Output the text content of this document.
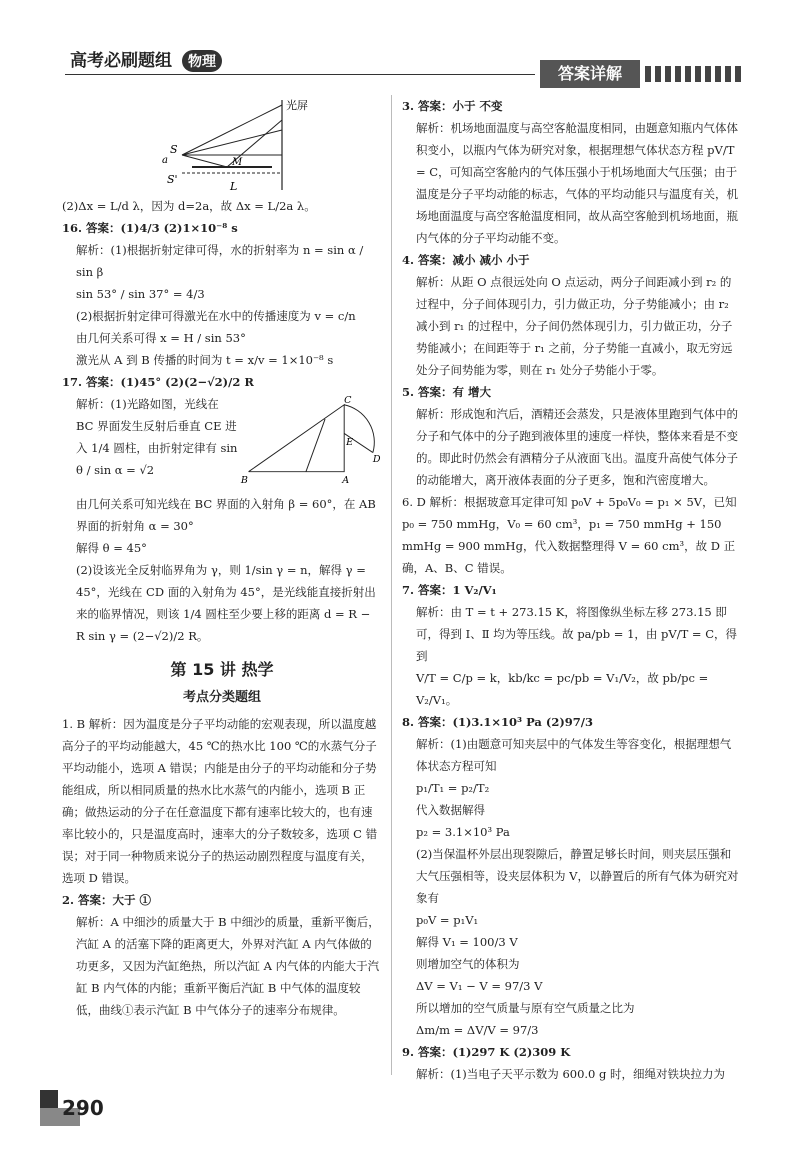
高考必刷题组 物理
答案详解
光屏
S
a
S'
M
L

(2)Δx = L/d λ，因为 d=2a，故 Δx = L/2a λ。

16. 答案：(1)4/3 (2)1×10⁻⁸ s

解析：(1)根据折射定律可得，水的折射率为 n = sin α / sin β

sin 53° / sin 37° = 4/3

(2)根据折射定律可得激光在水中的传播速度为 v = c/n

由几何关系可得 x = H / sin 53°

激光从 A 到 B 传播的时间为 t = x/v = 1×10⁻⁸ s

17. 答案：(1)45° (2)(2−√2)/2 R

解析：(1)光路如图，光线在 BC 界面发生反射后垂直 CE 进入 1/4 圆柱，由折射定律有 sin θ / sin α = √2

C
B	A
E
D

由几何关系可知光线在 BC 界面的入射角 β = 60°，在 AB 界面的折射角 α = 30°

解得 θ = 45°

(2)设该光全反射临界角为 γ，则 1/sin γ = n，解得 γ = 45°，光线在 CD 面的入射角为 45°，是光线能直接折射出来的临界情况，则该 1/4 圆柱至少要上移的距离 d = R − R sin γ = (2−√2)/2 R。

第 15 讲 热学
考点分类题组

1. B 解析：因为温度是分子平均动能的宏观表现，所以温度越高分子的平均动能越大，45 ℃的热水比 100 ℃的水蒸气分子平均动能小，选项 A 错误；内能是由分子的平均动能和分子势能组成，所以相同质量的热水比水蒸气的内能小，选项 B 正确；做热运动的分子在任意温度下都有速率比较大的，也有速率比较小的，只是温度高时，速率大的分子数较多，选项 C 错误；对于同一种物质来说分子的热运动剧烈程度与温度有关，选项 D 错误。

2. 答案：大于 ①

解析：A 中细沙的质量大于 B 中细沙的质量，重新平衡后，汽缸 A 的活塞下降的距离更大，外界对汽缸 A 内气体做的功更多，又因为汽缸绝热，所以汽缸 A 内气体的内能大于汽缸 B 内气体的内能；重新平衡后汽缸 B 中气体的温度较低，曲线①表示汽缸 B 中气体分子的速率分布规律。

3. 答案：小于 不变

解析：机场地面温度与高空客舱温度相同，由题意知瓶内气体体积变小，以瓶内气体为研究对象，根据理想气体状态方程 pV/T = C，可知高空客舱内的气体压强小于机场地面大气压强；由于温度是分子平均动能的标志，气体的平均动能只与温度有关，机场地面温度与高空客舱温度相同，故从高空客舱到机场地面，瓶内气体的分子平均动能不变。

4. 答案：减小 减小 小于

解析：从距 O 点很远处向 O 点运动，两分子间距减小到 r₂ 的过程中，分子间体现引力，引力做正功，分子势能减小；由 r₂ 减小到 r₁ 的过程中，分子间仍然体现引力，引力做正功，分子势能减小；在间距等于 r₁ 之前，分子势能一直减小，取无穷远处分子间势能为零，则在 r₁ 处分子势能小于零。

5. 答案：有 增大

解析：形成饱和汽后，酒精还会蒸发，只是液体里跑到气体中的分子和气体中的分子跑到液体里的速度一样快，整体来看是不变的。即此时仍然会有酒精分子从液面飞出。温度升高使气体分子的动能增大，离开液体表面的分子更多，饱和汽密度增大。

6. D 解析：根据玻意耳定律可知 p₀V + 5p₀V₀ = p₁ × 5V，已知 p₀ = 750 mmHg，V₀ = 60 cm³，p₁ = 750 mmHg + 150 mmHg = 900 mmHg，代入数据整理得 V = 60 cm³，故 D 正确，A、B、C 错误。

7. 答案：1 V₂/V₁

解析：由 T = t + 273.15 K，将图像纵坐标左移 273.15 即可，得到 Ⅰ、Ⅱ 均为等压线。故 pa/pb = 1，由 pV/T = C，得到

V/T = C/p = k，kb/kc = pc/pb = V₁/V₂，故 pb/pc = V₂/V₁。

8. 答案：(1)3.1×10³ Pa (2)97/3

解析：(1)由题意可知夹层中的气体发生等容变化，根据理想气体状态方程可知

p₁/T₁ = p₂/T₂

代入数据解得

p₂ = 3.1×10³ Pa

(2)当保温杯外层出现裂隙后，静置足够长时间，则夹层压强和大气压强相等，设夹层体积为 V，以静置后的所有气体为研究对象有

p₀V = p₁V₁

解得 V₁ = 100/3 V

则增加空气的体积为

ΔV = V₁ − V = 97/3 V

所以增加的空气质量与原有空气质量之比为

Δm/m = ΔV/V = 97/3

9. 答案：(1)297 K (2)309 K

解析：(1)当电子天平示数为 600.0 g 时，细绳对铁块拉力为

290
